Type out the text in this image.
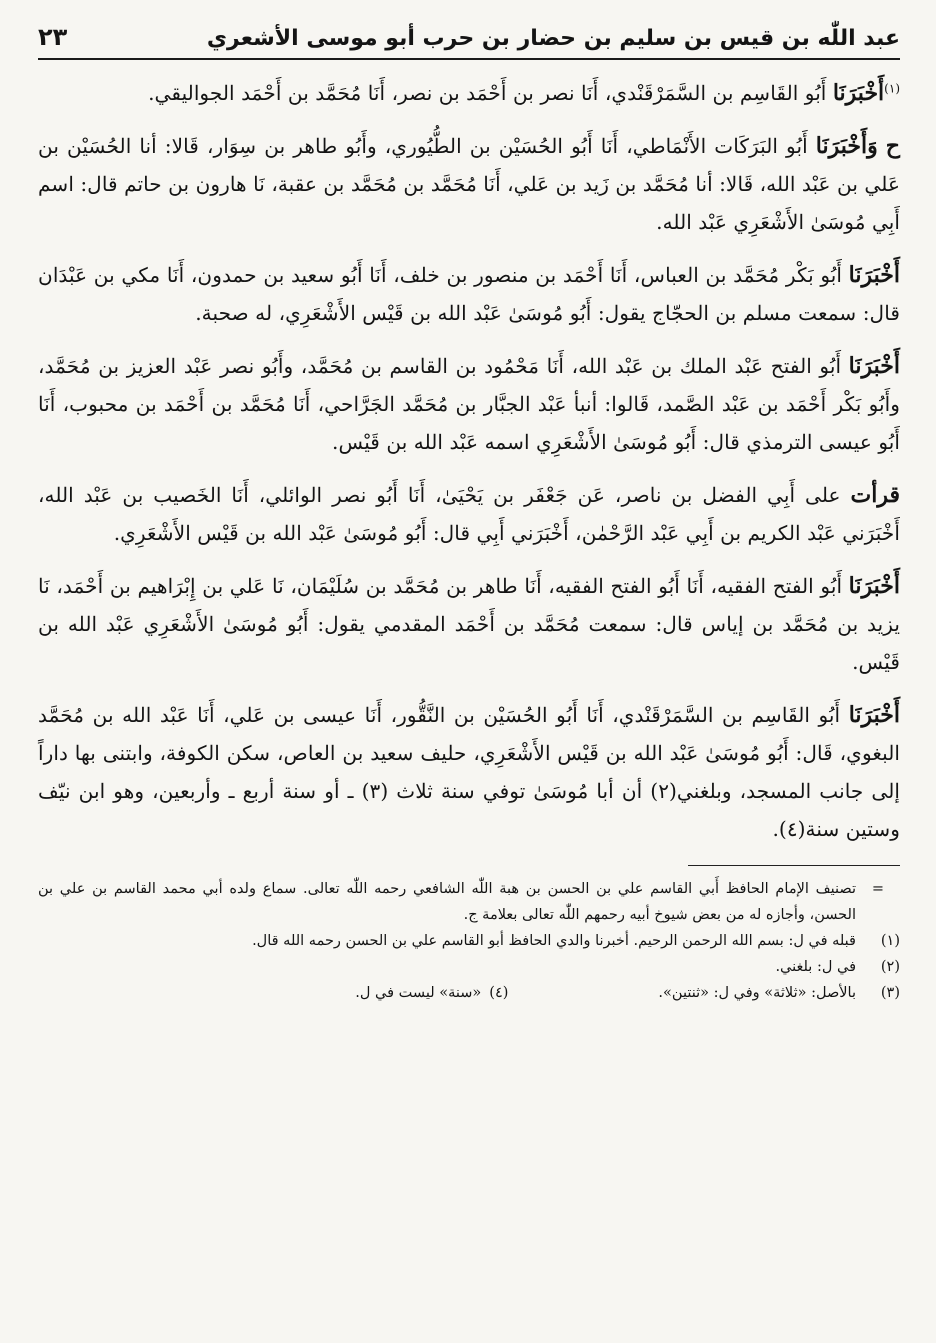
عبد اللّٰه بن قيس بن سليم بن حضار بن حرب أبو موسى الأشعري
٢٣

$^{(١)}$أَخْبَرَنَا أَبُو القَاسِم بن السَّمَرْقَنْدي، أَنَا نصر بن أَحْمَد بن نصر، أَنَا مُحَمَّد بن أَحْمَد الجواليقي.

ح وَأَخْبَرَنَا أَبُو البَرَكَات الأَنْمَاطي، أَنَا أَبُو الحُسَيْن بن الطُّيُوري، وأَبُو طاهر بن سِوَار، قَالا: أنا الحُسَيْن بن عَلي بن عَبْد الله، قَالا: أنا مُحَمَّد بن زَيد بن عَلي، أَنَا مُحَمَّد بن مُحَمَّد بن عقبة، نَا هارون بن حاتم قال: اسم أَبِي مُوسَىٰ الأَشْعَرِي عَبْد الله.

أَخْبَرَنَا أَبُو بَكْر مُحَمَّد بن العباس، أَنَا أَحْمَد بن منصور بن خلف، أَنَا أَبُو سعيد بن حمدون، أَنَا مكي بن عَبْدَان قال: سمعت مسلم بن الحجّاج يقول: أَبُو مُوسَىٰ عَبْد الله بن قَيْس الأَشْعَرِي، له صحبة.

أَخْبَرَنَا أَبُو الفتح عَبْد الملك بن عَبْد الله، أَنَا مَحْمُود بن القاسم بن مُحَمَّد، وأَبُو نصر عَبْد العزيز بن مُحَمَّد، وأَبُو بَكْر أَحْمَد بن عَبْد الصَّمد، قَالوا: أنبأ عَبْد الجبَّار بن مُحَمَّد الجَرَّاحي، أَنَا مُحَمَّد بن أَحْمَد بن محبوب، أَنَا أَبُو عيسى الترمذي قال: أَبُو مُوسَىٰ الأَشْعَرِي اسمه عَبْد الله بن قَيْس.

قرأت على أَبِي الفضل بن ناصر، عَن جَعْفَر بن يَحْيَىٰ، أَنَا أَبُو نصر الوائلي، أَنَا الخَصيب بن عَبْد الله، أَخْبَرَني عَبْد الكريم بن أَبِي عَبْد الرَّحْمٰن، أَخْبَرَني أَبِي قال: أَبُو مُوسَىٰ عَبْد الله بن قَيْس الأَشْعَرِي.

أَخْبَرَنَا أَبُو الفتح الفقيه، أَنَا أَبُو الفتح الفقيه، أَنَا طاهر بن مُحَمَّد بن سُلَيْمَان، نَا عَلي بن إِبْرَاهيم بن أَحْمَد، نَا يزيد بن مُحَمَّد بن إياس قال: سمعت مُحَمَّد بن أَحْمَد المقدمي يقول: أَبُو مُوسَىٰ الأَشْعَرِي عَبْد الله بن قَيْس.

أَخْبَرَنَا أَبُو القَاسِم بن السَّمَرْقَنْدي، أَنَا أَبُو الحُسَيْن بن النَّقُّور، أَنَا عيسى بن عَلي، أَنَا عَبْد الله بن مُحَمَّد البغوي، قَال: أَبُو مُوسَىٰ عَبْد الله بن قَيْس الأَشْعَرِي، حليف سعيد بن العاص، سكن الكوفة، وابتنى بها داراً إلى جانب المسجد، وبلغني(٢) أن أبا مُوسَىٰ توفي سنة ثلاث (٣) ـ أو سنة أربع ـ وأربعين، وهو ابن نيّف وستين سنة(٤).

=
تصنيف الإمام الحافظ أَبي القاسم علي بن الحسن بن هبة اللّٰه الشافعي رحمه اللّٰه تعالى. سماع ولده أبي محمد القاسم بن علي بن الحسن، وأجازه له من بعض شيوخ أبيه رحمهم اللّٰه تعالى بعلامة ج.
(١)
قبله في ل: بسم الله الرحمن الرحيم. أخبرنا والدي الحافظ أبو القاسم علي بن الحسن رحمه الله قال.
(٢)
في ل: بلغني.
(٣)
بالأصل: «ثلاثة» وفي ل: «ثنتين».
(٤)
«سنة» ليست في ل.
